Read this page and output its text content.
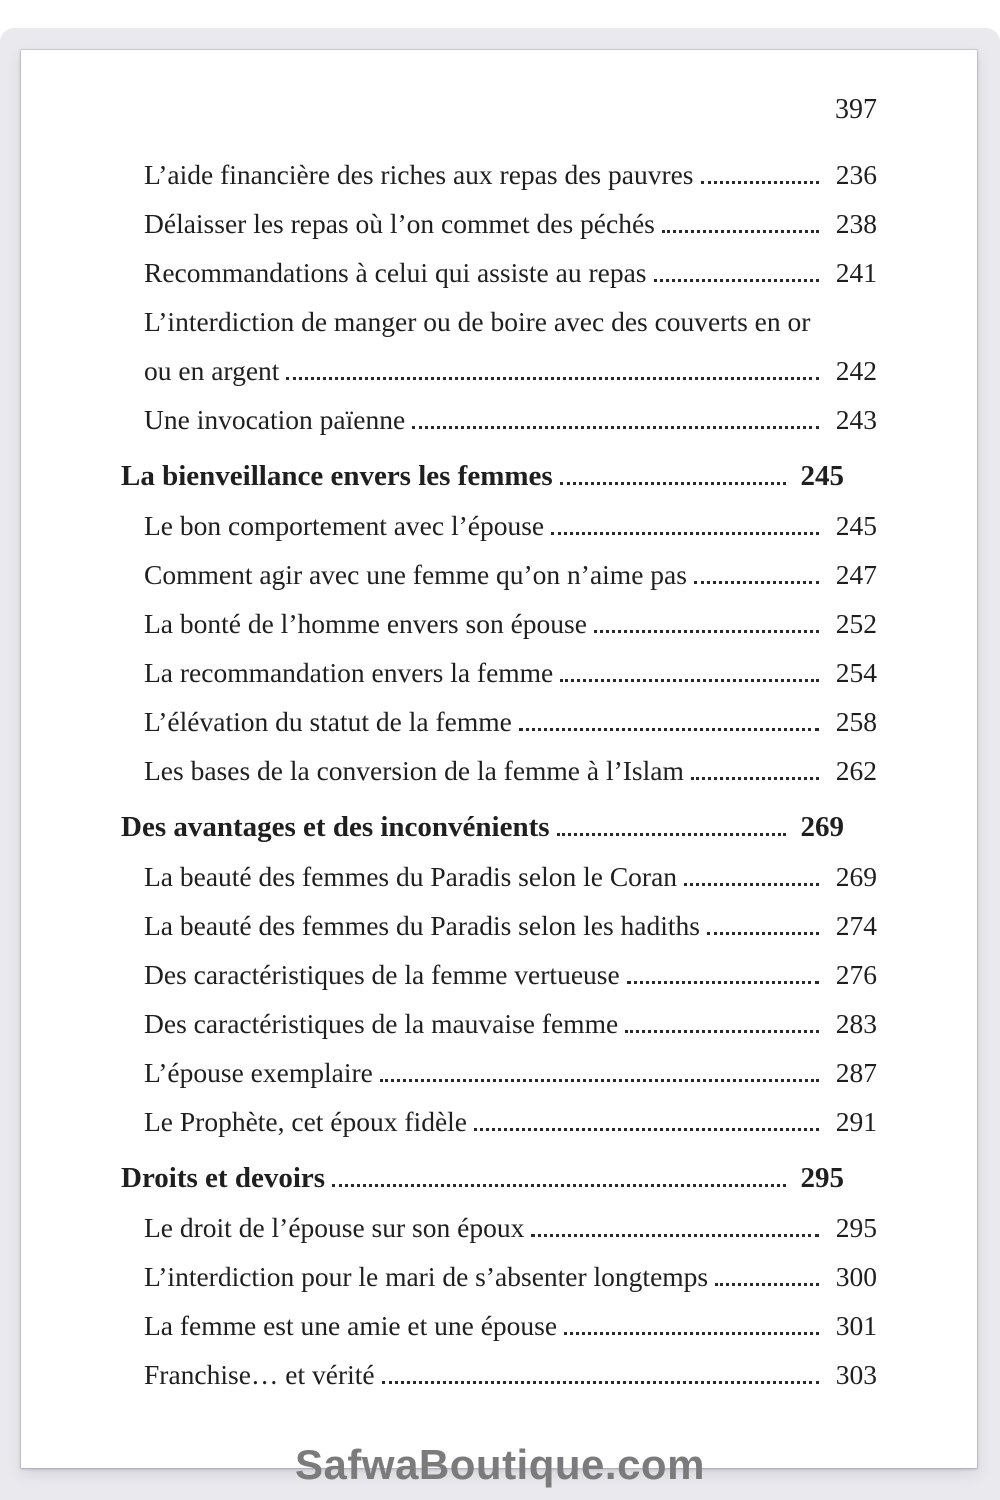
397
L’aide financière des riches aux repas des pauvres	236
Délaisser les repas où l’on commet des péchés	238
Recommandations à celui qui assiste au repas	241
L’interdiction de manger ou de boire avec des couverts en or
ou en argent	242
Une invocation païenne	243
La bienveillance envers les femmes	245
Le bon comportement avec l’épouse	245
Comment agir avec une femme qu’on n’aime pas	247
La bonté de l’homme envers son épouse	252
La recommandation envers la femme	254
L’élévation du statut de la femme	258
Les bases de la conversion de la femme à l’Islam	262
Des avantages et des inconvénients	269
La beauté des femmes du Paradis selon le Coran	269
La beauté des femmes du Paradis selon les hadiths	274
Des caractéristiques de la femme vertueuse	276
Des caractéristiques de la mauvaise femme	283
L’épouse exemplaire	287
Le Prophète, cet époux fidèle	291
Droits et devoirs	295
Le droit de l’épouse sur son époux	295
L’interdiction pour le mari de s’absenter longtemps	300
La femme est une amie et une épouse	301
Franchise… et vérité	303
SafwaBoutique.com
